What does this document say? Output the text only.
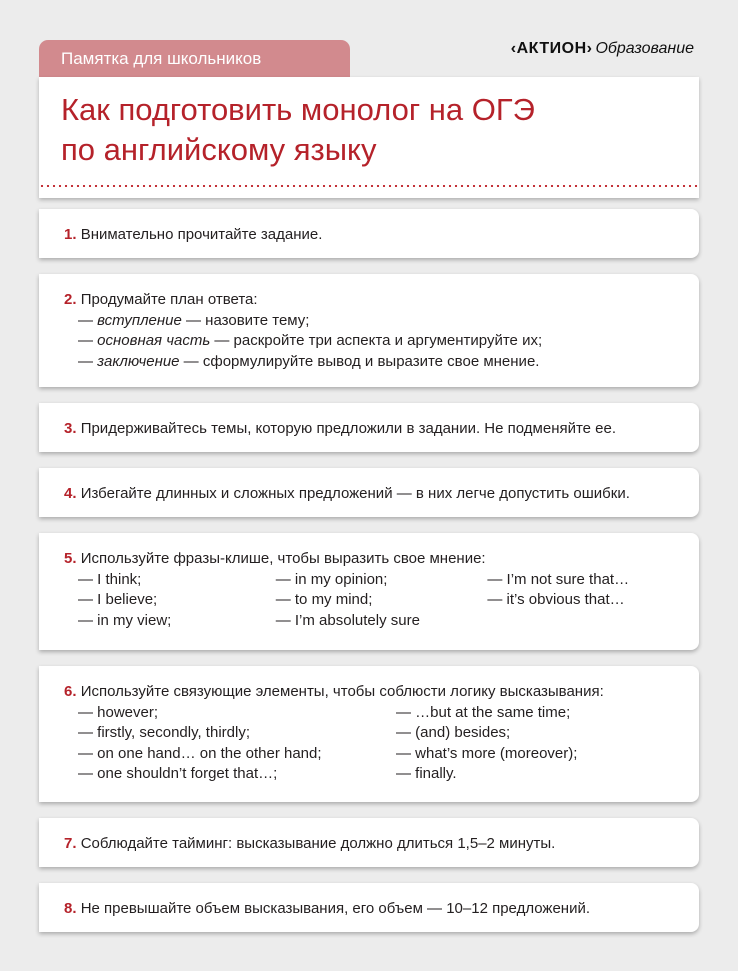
Памятка для школьников
‹АКТИОН› Образование
Как подготовить монолог на ОГЭ
по английскому языку
1. Внимательно прочитайте задание.
2. Продумайте план ответа:
— вступление — назовите тему;
— основная часть — раскройте три аспекта и аргументируйте их;
— заключение — сформулируйте вывод и выразите свое мнение.
3. Придерживайтесь темы, которую предложили в задании. Не подменяйте ее.
4. Избегайте длинных и сложных предложений — в них легче допустить ошибки.
5. Используйте фразы-клише, чтобы выразить свое мнение:
— I think;
— I believe;
— in my view;
— in my opinion;
— to my mind;
— I’m absolutely sure
— I’m not sure that…
— it’s obvious that…
6. Используйте связующие элементы, чтобы соблюсти логику высказывания:
— however;
— firstly, secondly, thirdly;
— on one hand… on the other hand;
— one shouldn’t forget that…;
— …but at the same time;
— (and) besides;
— what’s more (moreover);
— finally.
7. Соблюдайте тайминг: высказывание должно длиться 1,5–2 минуты.
8. Не превышайте объем высказывания, его объем — 10–12 предложений.
